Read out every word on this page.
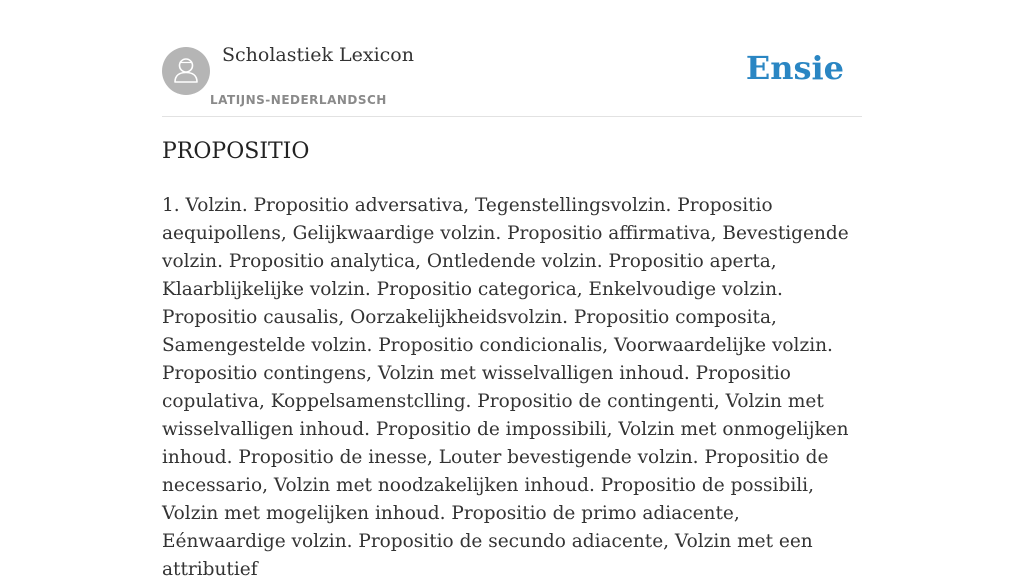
Scholastiek Lexicon
LATIJNS-NEDERLANDSCH
Ensie
PROPOSITIO

1. Volzin. Propositio adversativa, Tegenstellingsvolzin. Propositio aequipollens, Gelijkwaardige volzin. Propositio affirmativa, Bevestigende volzin. Propositio analytica, Ontledende volzin. Propositio aperta, Klaarblijkelijke volzin. Propositio categorica, Enkelvoudige volzin. Propositio causalis, Oorzakelijkheidsvolzin. Propositio composita, Samengestelde volzin. Propositio condicionalis, Voorwaardelijke volzin. Propositio contingens, Volzin met wisselvalligen inhoud. Propositio copulativa, Koppelsamenstclling. Propositio de contingenti, Volzin met wisselvalligen inhoud. Propositio de impossibili, Volzin met onmogelijken inhoud. Propositio de inesse, Louter bevestigende volzin. Propositio de necessario, Volzin met noodzakelijken inhoud. Propositio de possibili, Volzin met mogelijken inhoud. Propositio de primo adiacente, Eénwaardige volzin. Propositio de secundo adiacente, Volzin met een attributief
